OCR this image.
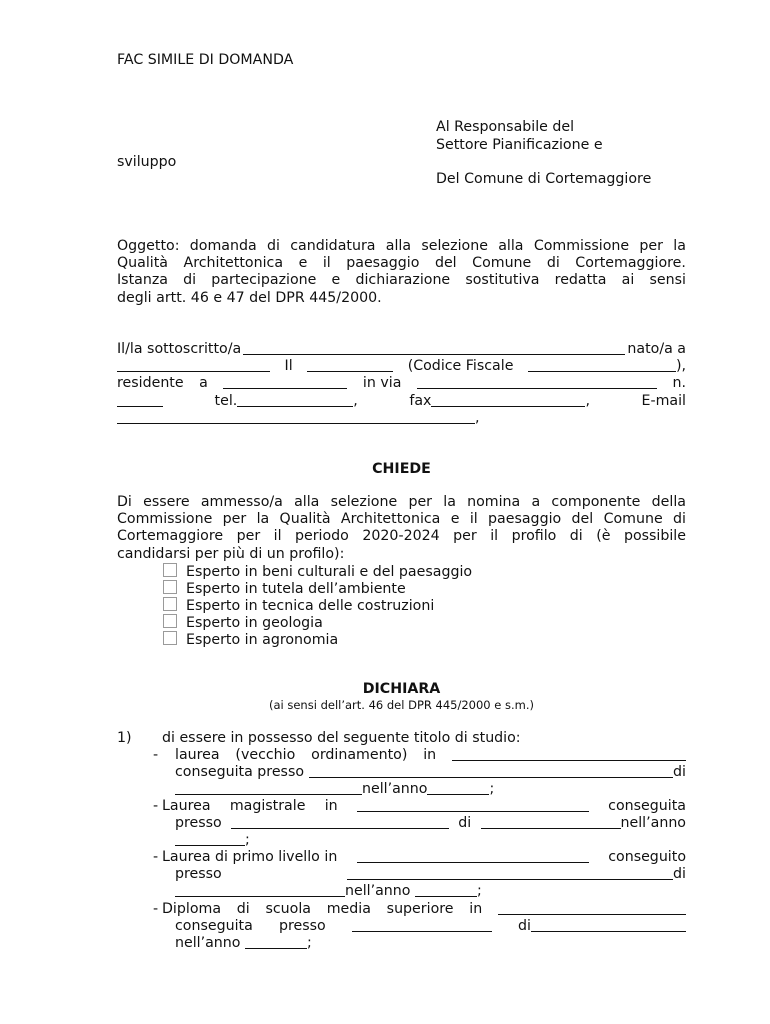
FAC SIMILE DI DOMANDA
Al Responsabile del
Settore Pianificazione e
sviluppo
Del Comune di Cortemaggiore
Oggetto: domanda di candidatura alla selezione alla Commissione per la
Qualità Architettonica e il paesaggio del Comune di Cortemaggiore.
Istanza di partecipazione e dichiarazione sostitutiva redatta ai sensi
degli artt. 46 e 47 del DPR 445/2000.
Il/la sottoscritto/a	nato/a a
Il	(Codice Fiscale	),
residente a	in via	n.
tel.	,	fax	,	E-mail
,
CHIEDE
Di essere ammesso/a alla selezione per la nomina a componente della
Commissione per la Qualità Architettonica e il paesaggio del Comune di
Cortemaggiore per il periodo 2020-2024 per il profilo di (è possibile
candidarsi per più di un profilo):
Esperto in beni culturali e del paesaggio
Esperto in tutela dell’ambiente
Esperto in tecnica delle costruzioni
Esperto in geologia
Esperto in agronomia
DICHIARA
(ai sensi dell’art. 46 del DPR 445/2000 e s.m.)
1) di essere in possesso del seguente titolo di studio:
- laurea (vecchio ordinamento) in
conseguita presso
	di
nell’anno	;
- Laurea magistrale in	conseguita
presso	di	nell’anno
;
- Laurea di primo livello in	conseguito
presso	di
nell’anno
	;
- Diploma di scuola media superiore in
conseguita presso	di
nell’anno
	;
